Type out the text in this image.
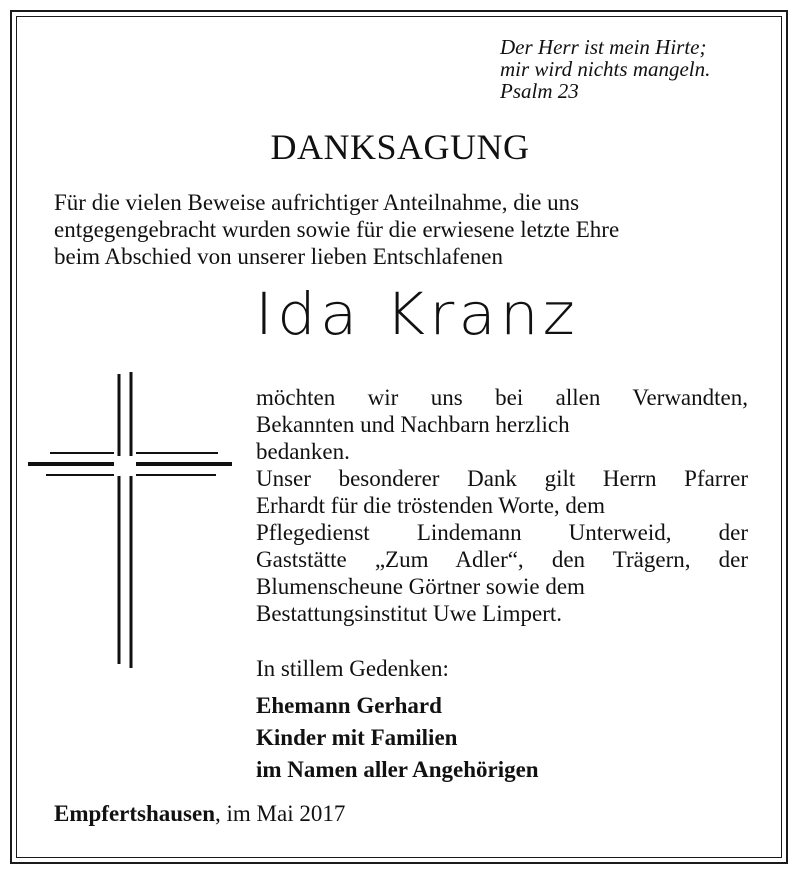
Der Herr ist mein Hirte;
mir wird nichts mangeln.
Psalm 23
DANKSAGUNG
Für die vielen Beweise aufrichtiger Anteilnahme, die uns
entgegengebracht wurden sowie für die erwiesene letzte Ehre
beim Abschied von unserer lieben Entschlafenen
Ida Kranz
möchten wir uns bei allen Verwandten,
Bekannten und Nachbarn herzlich
bedanken.
Unser besonderer Dank gilt Herrn Pfarrer
Erhardt für die tröstenden Worte, dem
Pflegedienst Lindemann Unterweid, der
Gaststätte „Zum Adler“, den Trägern, der
Blumenscheune Görtner sowie dem
Bestattungsinstitut Uwe Limpert.
In stillem Gedenken:
Ehemann Gerhard
Kinder mit Familien
im Namen aller Angehörigen
Empfertshausen, im Mai 2017
